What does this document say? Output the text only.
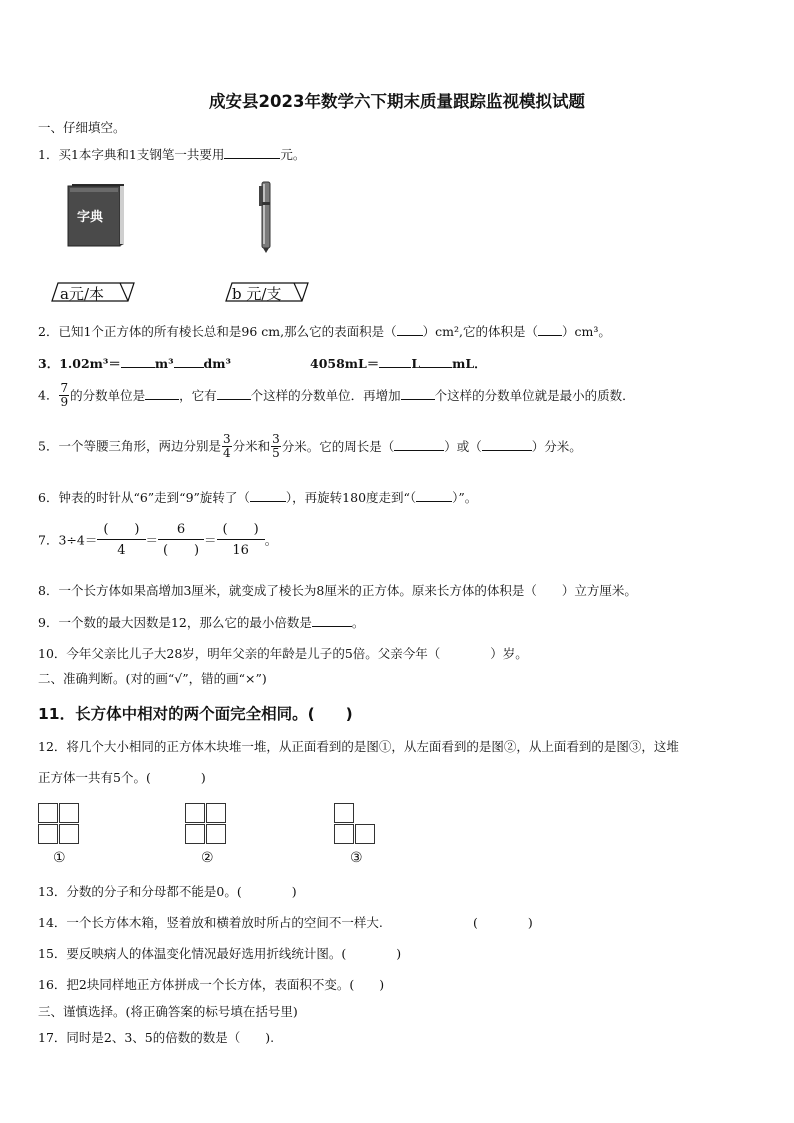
成安县2023年数学六下期末质量跟踪监视模拟试题
一、仔细填空。
1．买1本字典和1支钢笔一共要用	元。
字典
a元/本	b 元/支
2．已知1个正方体的所有棱长总和是96 cm,那么它的表面积是（ ）cm²,它的体积是（ ）cm³。
3．1.02m³＝	m³ dm³	4058mL＝	L	mL．
4． $\frac{7}{9}$ 的分数单位是	，它有	个这样的分数单位．再增加	个这样的分数单位就是最小的质数．
5．一个等腰三角形，两边分别是 $\frac{3}{4}$ 分米和 $\frac{3}{5}$ 分米。它的周长是（	）或（	）分米。
6．钟表的时针从“6”走到“9”旋转了（	），再旋转180度走到“（	）”。
7．3÷4＝
(　　)
4
＝
6
(　　)
＝
(　　)
16
。
8．一个长方体如果高增加3厘米，就变成了棱长为8厘米的正方体。原来长方体的体积是（　　）立方厘米。
9．一个数的最大因数是12，那么它的最小倍数是	。
10．今年父亲比儿子大28岁，明年父亲的年龄是儿子的5倍。父亲今年（　　　　）岁。
二、准确判断。(对的画“√”，错的画“×”)
11．长方体中相对的两个面完全相同。(　　)
12．将几个大小相同的正方体木块堆一堆，从正面看到的是图①，从左面看到的是图②，从上面看到的是图③，这堆
正方体一共有5个。(　　　　)
①	②	③
13．分数的分子和分母都不能是0。(　　　　)
14．一个长方体木箱，竖着放和横着放时所占的空间不一样大.	(　　　　)
15．要反映病人的体温变化情况最好选用折线统计图。(　　　　)
16．把2块同样地正方体拼成一个长方体，表面积不变。(　　)
三、谨慎选择。(将正确答案的标号填在括号里)
17．同时是2、3、5的倍数的数是（　　).
